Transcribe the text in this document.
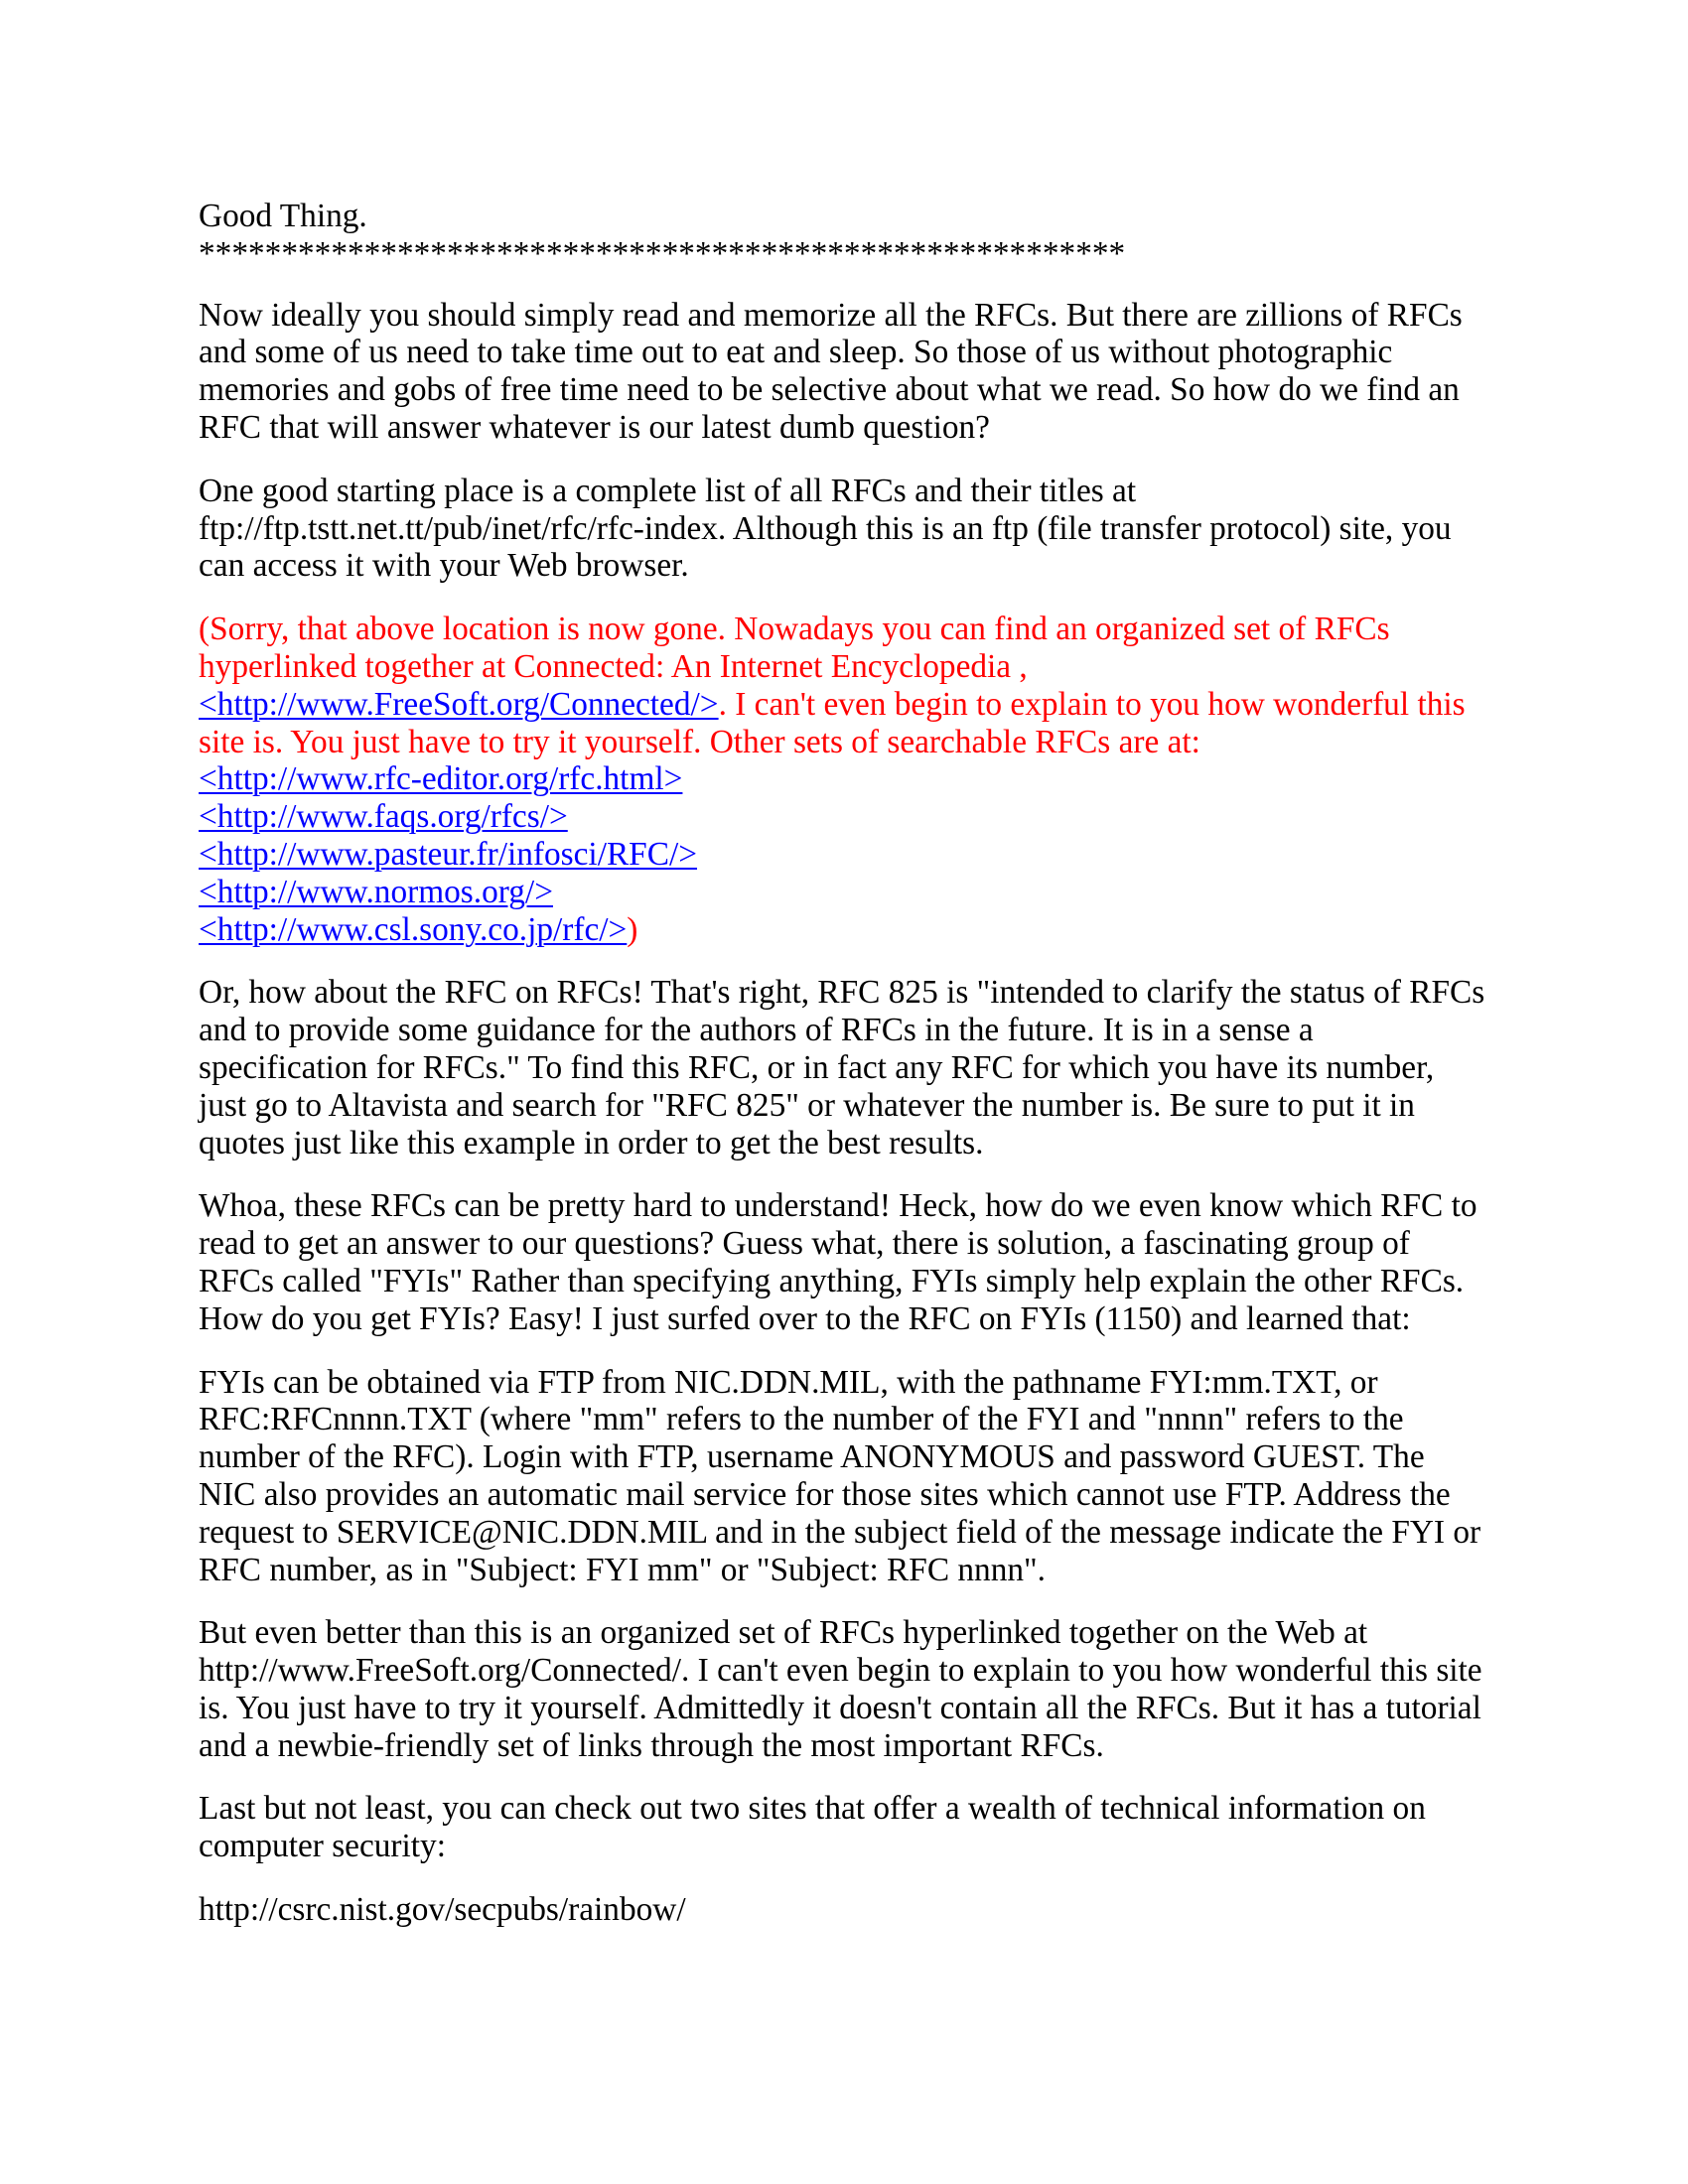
Good Thing.
********************************************************
Now ideally you should simply read and memorize all the RFCs. But there are zillions of RFCs
and some of us need to take time out to eat and sleep. So those of us without photographic
memories and gobs of free time need to be selective about what we read. So how do we find an
RFC that will answer whatever is our latest dumb question?
One good starting place is a complete list of all RFCs and their titles at
ftp://ftp.tstt.net.tt/pub/inet/rfc/rfc-index. Although this is an ftp (file transfer protocol) site, you
can access it with your Web browser.
(Sorry, that above location is now gone. Nowadays you can find an organized set of RFCs
hyperlinked together at Connected: An Internet Encyclopedia ,
<http://www.FreeSoft.org/Connected/>. I can't even begin to explain to you how wonderful this
site is. You just have to try it yourself. Other sets of searchable RFCs are at:
<http://www.rfc-editor.org/rfc.html>
<http://www.faqs.org/rfcs/>
<http://www.pasteur.fr/infosci/RFC/>
<http://www.normos.org/>
<http://www.csl.sony.co.jp/rfc/>)
Or, how about the RFC on RFCs! That's right, RFC 825 is "intended to clarify the status of RFCs
and to provide some guidance for the authors of RFCs in the future. It is in a sense a
specification for RFCs." To find this RFC, or in fact any RFC for which you have its number,
just go to Altavista and search for "RFC 825" or whatever the number is. Be sure to put it in
quotes just like this example in order to get the best results.
Whoa, these RFCs can be pretty hard to understand! Heck, how do we even know which RFC to
read to get an answer to our questions? Guess what, there is solution, a fascinating group of
RFCs called "FYIs" Rather than specifying anything, FYIs simply help explain the other RFCs.
How do you get FYIs? Easy! I just surfed over to the RFC on FYIs (1150) and learned that:
FYIs can be obtained via FTP from NIC.DDN.MIL, with the pathname FYI:mm.TXT, or
RFC:RFCnnnn.TXT (where "mm" refers to the number of the FYI and "nnnn" refers to the
number of the RFC). Login with FTP, username ANONYMOUS and password GUEST. The
NIC also provides an automatic mail service for those sites which cannot use FTP. Address the
request to SERVICE@NIC.DDN.MIL and in the subject field of the message indicate the FYI or
RFC number, as in "Subject: FYI mm" or "Subject: RFC nnnn".
But even better than this is an organized set of RFCs hyperlinked together on the Web at
http://www.FreeSoft.org/Connected/. I can't even begin to explain to you how wonderful this site
is. You just have to try it yourself. Admittedly it doesn't contain all the RFCs. But it has a tutorial
and a newbie-friendly set of links through the most important RFCs.
Last but not least, you can check out two sites that offer a wealth of technical information on
computer security:
http://csrc.nist.gov/secpubs/rainbow/
